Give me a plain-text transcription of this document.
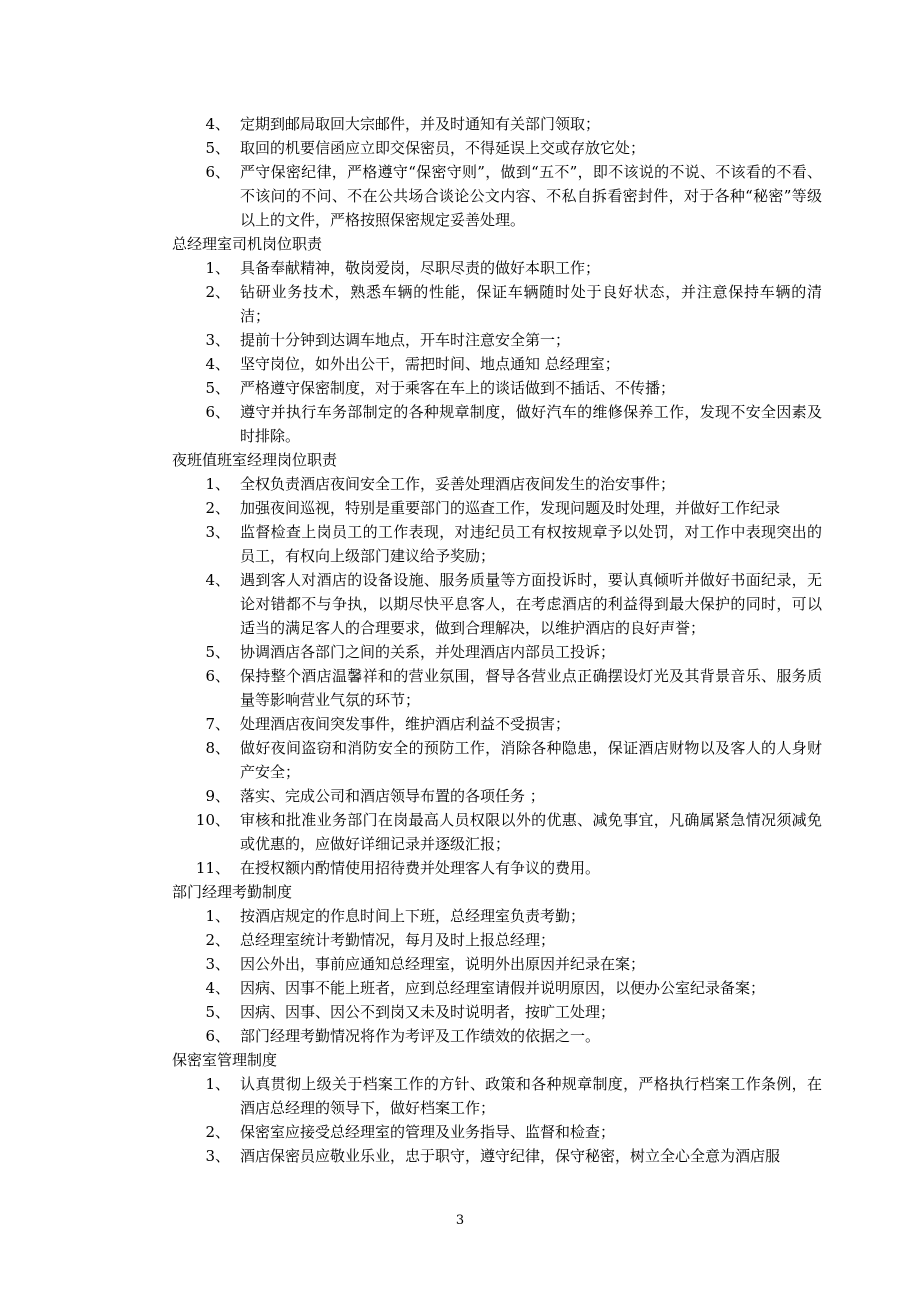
4、 定期到邮局取回大宗邮件，并及时通知有关部门领取；
5、 取回的机要信函应立即交保密员，不得延误上交或存放它处；
6、 严守保密纪律，严格遵守“保密守则”，做到“五不”，即不该说的不说、不该看的不看、不该问的不问、不在公共场合谈论公文内容、不私自拆看密封件，对于各种“秘密”等级以上的文件，严格按照保密规定妥善处理。
总经理室司机岗位职责
1、 具备奉献精神，敬岗爱岗，尽职尽责的做好本职工作；
2、 钻研业务技术，熟悉车辆的性能，保证车辆随时处于良好状态，并注意保持车辆的清洁；
3、 提前十分钟到达调车地点，开车时注意安全第一；
4、 坚守岗位，如外出公干，需把时间、地点通知 总经理室；
5、 严格遵守保密制度，对于乘客在车上的谈话做到不插话、不传播；
6、 遵守并执行车务部制定的各种规章制度，做好汽车的维修保养工作，发现不安全因素及时排除。
夜班值班室经理岗位职责
1、 全权负责酒店夜间安全工作，妥善处理酒店夜间发生的治安事件；
2、 加强夜间巡视，特别是重要部门的巡查工作，发现问题及时处理，并做好工作纪录
3、 监督检查上岗员工的工作表现，对违纪员工有权按规章予以处罚，对工作中表现突出的员工，有权向上级部门建议给予奖励；
4、 遇到客人对酒店的设备设施、服务质量等方面投诉时，要认真倾听并做好书面纪录，无论对错都不与争执，以期尽快平息客人，在考虑酒店的利益得到最大保护的同时，可以适当的满足客人的合理要求，做到合理解决，以维护酒店的良好声誉；
5、 协调酒店各部门之间的关系，并处理酒店内部员工投诉；
6、 保持整个酒店温馨祥和的营业氛围，督导各营业点正确摆设灯光及其背景音乐、服务质量等影响营业气氛的环节；
7、 处理酒店夜间突发事件，维护酒店利益不受损害；
8、 做好夜间盗窃和消防安全的预防工作，消除各种隐患，保证酒店财物以及客人的人身财产安全；
9、 落实、完成公司和酒店领导布置的各项任务 ；
10、 审核和批准业务部门在岗最高人员权限以外的优惠、减免事宜，凡确属紧急情况须减免或优惠的，应做好详细记录并逐级汇报；
11、 在授权额内酌情使用招待费并处理客人有争议的费用。
部门经理考勤制度
1、 按酒店规定的作息时间上下班，总经理室负责考勤；
2、 总经理室统计考勤情况，每月及时上报总经理；
3、 因公外出，事前应通知总经理室，说明外出原因并纪录在案；
4、 因病、因事不能上班者，应到总经理室请假并说明原因，以便办公室纪录备案；
5、 因病、因事、因公不到岗又未及时说明者，按旷工处理；
6、 部门经理考勤情况将作为考评及工作绩效的依据之一。
保密室管理制度
1、 认真贯彻上级关于档案工作的方针、政策和各种规章制度，严格执行档案工作条例，在酒店总经理的领导下，做好档案工作；
2、 保密室应接受总经理室的管理及业务指导、监督和检查；
3、 酒店保密员应敬业乐业，忠于职守，遵守纪律，保守秘密，树立全心全意为酒店服
3
